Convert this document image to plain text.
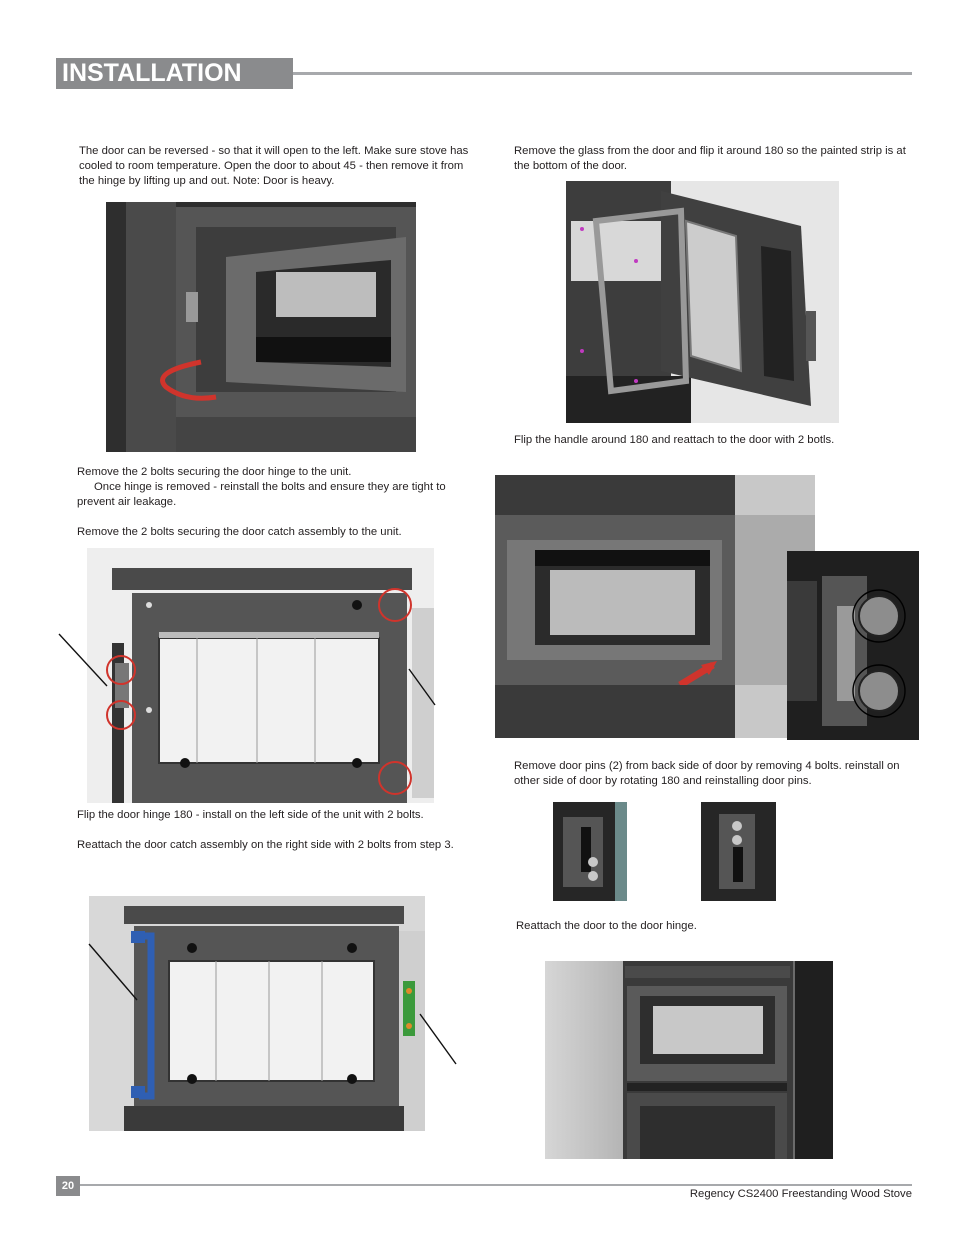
INSTALLATION
The door can be reversed - so that it will open to the left. Make sure stove has cooled to room temperature. Open the door to about 45 - then remove it from the hinge by lifting up and out. Note: Door is heavy.
Remove the 2 bolts securing the door hinge to the unit.
Once hinge is removed - reinstall the bolts and ensure they are tight to prevent air leakage.
Remove the 2 bolts securing the door catch assembly to the unit.
Flip the door hinge 180 - install on the left side of the unit with 2 bolts.
Reattach the door catch assembly on the right side with 2 bolts from step 3.
Remove the glass from the door and flip it around 180 so the painted strip is at the bottom of the door.
Flip the handle around 180 and reattach to the door with 2 botls.
Remove door pins (2) from back side of door by removing 4 bolts. reinstall on other side of door by rotating 180 and reinstalling door pins.
Reattach the door to the door hinge.
20
Regency CS2400 Freestanding Wood Stove
